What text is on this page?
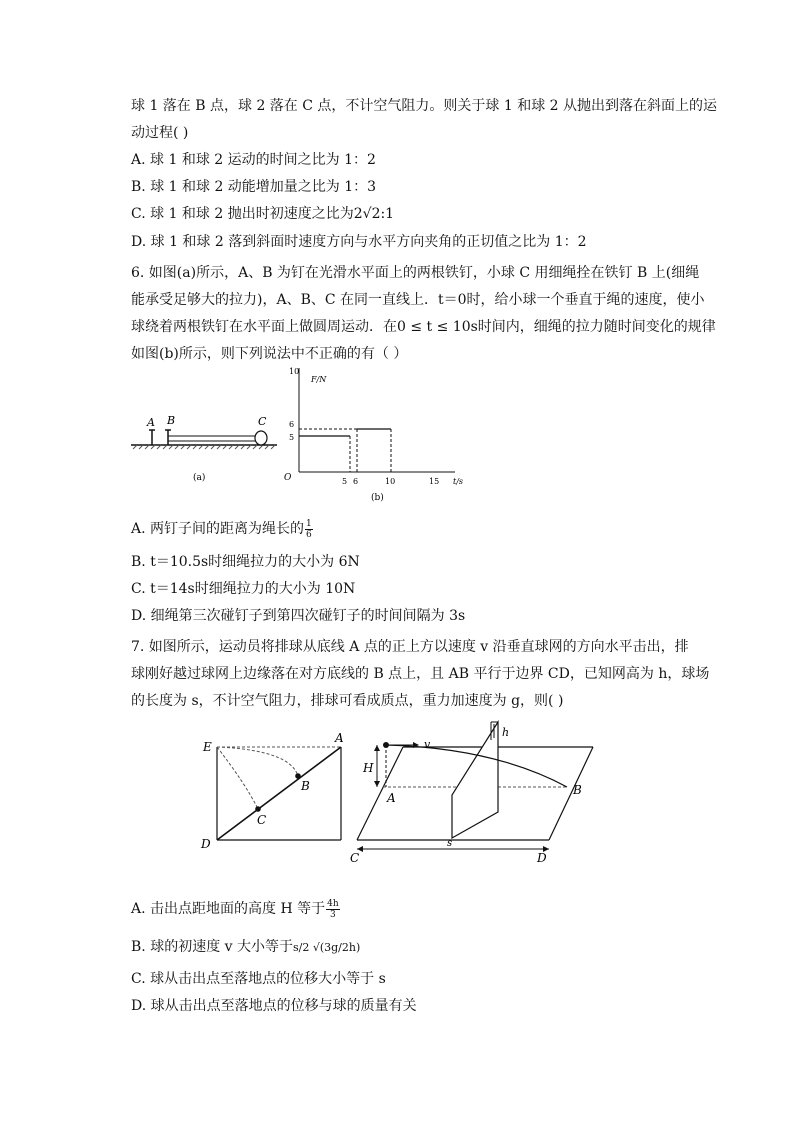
球 1 落在 B 点，球 2 落在 C 点，不计空气阻力。则关于球 1 和球 2 从抛出到落在斜面上的运
动过程( )
A. 球 1 和球 2 运动的时间之比为 1：2
B. 球 1 和球 2 动能增加量之比为 1：3
C. 球 1 和球 2 抛出时初速度之比为2√2:1
D. 球 1 和球 2 落到斜面时速度方向与水平方向夹角的正切值之比为 1：2
6. 如图(a)所示，A、B 为钉在光滑水平面上的两根铁钉，小球 C 用细绳拴在铁钉 B 上(细绳
能承受足够大的拉力)，A、B、C 在同一直线上．t＝0时，给小球一个垂直于绳的速度，使小
球绕着两根铁钉在水平面上做圆周运动．在0 ≤ t ≤ 10s时间内，细绳的拉力随时间变化的规律
如图(b)所示，则下列说法中不正确的有（ ）
A B	C
(a)	O
F/N
t/s
10
6
5
5 6	10	15
(b)
A. 两钉子间的距离为绳长的 $\frac{1}{6}$
B. t＝10.5s时细绳拉力的大小为 6N
C. t＝14s时细绳拉力的大小为 10N
D. 细绳第三次碰钉子到第四次碰钉子的时间间隔为 3s
7. 如图所示，运动员将排球从底线 A 点的正上方以速度 v 沿垂直球网的方向水平击出，排
球刚好越过球网上边缘落在对方底线的 B 点上，且 AB 平行于边界 CD，已知网高为 h，球场
的长度为 s，不计空气阻力，排球可看成质点，重力加速度为 g，则( )
E
A
B
C
D
v
h
H
A
B
C	D
s
A. 击出点距地面的高度 H 等于 $\frac{4h}{3}$
B. 球的初速度 v 大小等于s/2 √(3g/2h)
C. 球从击出点至落地点的位移大小等于 s
D. 球从击出点至落地点的位移与球的质量有关
